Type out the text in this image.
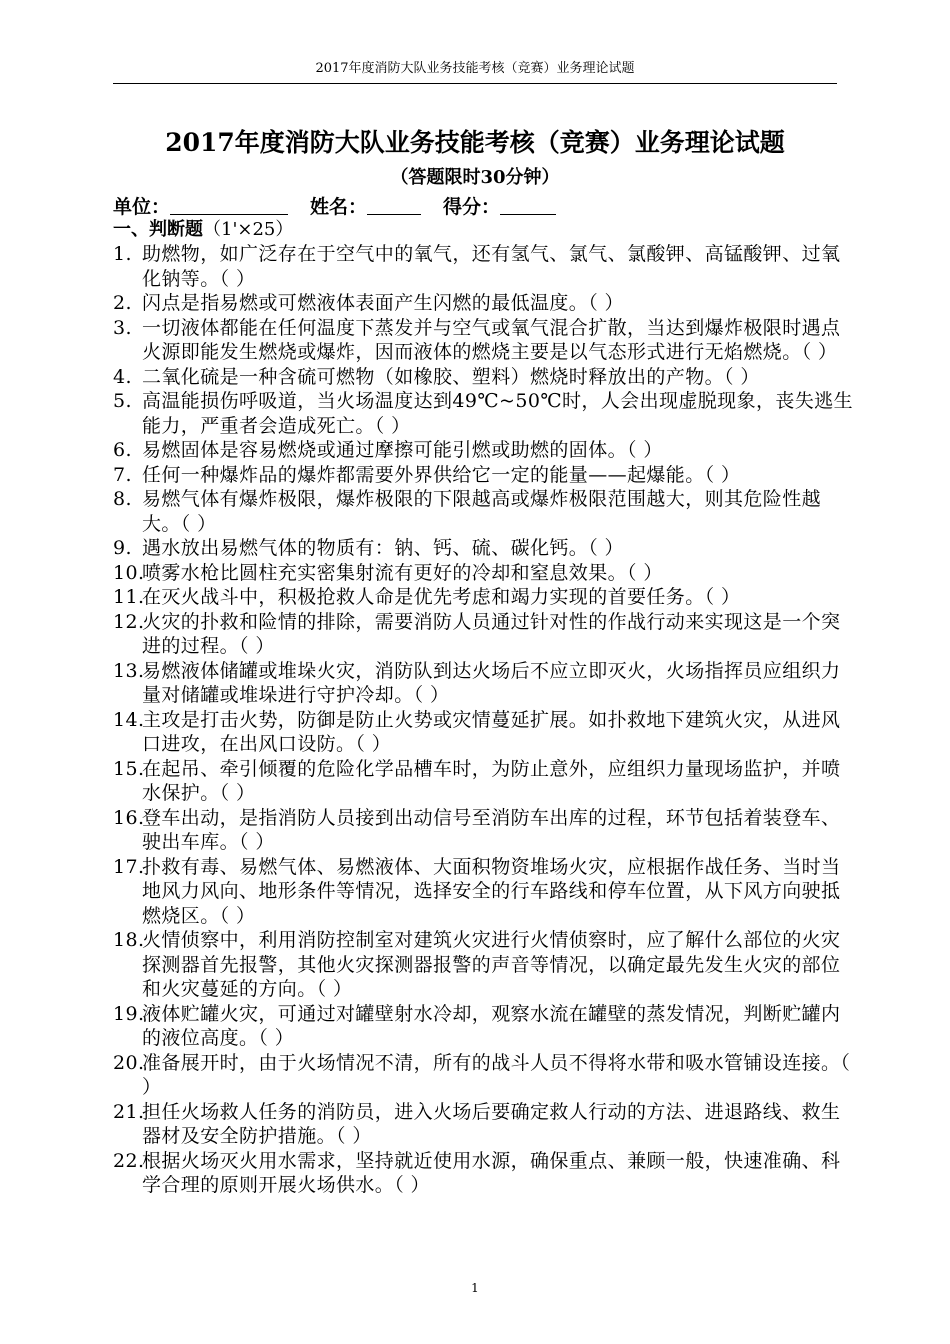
2017年度消防大队业务技能考核（竞赛）业务理论试题
2017年度消防大队业务技能考核（竞赛）业务理论试题
（答题限时30分钟）
单位：	姓名：	得分：
一、判断题（1'×25）
1. 助燃物，如广泛存在于空气中的氧气，还有氢气、氯气、氯酸钾、高锰酸钾、过氧化钠等。（ ）
2. 闪点是指易燃或可燃液体表面产生闪燃的最低温度。（ ）
3. 一切液体都能在任何温度下蒸发并与空气或氧气混合扩散，当达到爆炸极限时遇点火源即能发生燃烧或爆炸，因而液体的燃烧主要是以气态形式进行无焰燃烧。（ ）
4. 二氧化硫是一种含硫可燃物（如橡胶、塑料）燃烧时释放出的产物。（ ）
5. 高温能损伤呼吸道，当火场温度达到49℃~50℃时，人会出现虚脱现象，丧失逃生能力，严重者会造成死亡。（ ）
6. 易燃固体是容易燃烧或通过摩擦可能引燃或助燃的固体。（ ）
7. 任何一种爆炸品的爆炸都需要外界供给它一定的能量——起爆能。（ ）
8. 易燃气体有爆炸极限，爆炸极限的下限越高或爆炸极限范围越大，则其危险性越大。（ ）
9. 遇水放出易燃气体的物质有：钠、钙、硫、碳化钙。（ ）
10.
喷雾水枪比圆柱充实密集射流有更好的冷却和窒息效果。（ ）
11.
在灭火战斗中，积极抢救人命是优先考虑和竭力实现的首要任务。（ ）
12.
火灾的扑救和险情的排除，需要消防人员通过针对性的作战行动来实现这是一个突进的过程。（ ）
13.
易燃液体储罐或堆垛火灾，消防队到达火场后不应立即灭火，火场指挥员应组织力量对储罐或堆垛进行守护冷却。（ ）
14.
主攻是打击火势，防御是防止火势或灾情蔓延扩展。如扑救地下建筑火灾，从进风口进攻，在出风口设防。（ ）
15.
在起吊、牵引倾覆的危险化学品槽车时，为防止意外，应组织力量现场监护，并喷水保护。（ ）
16.
登车出动，是指消防人员接到出动信号至消防车出库的过程，环节包括着装登车、驶出车库。（ ）
17.
扑救有毒、易燃气体、易燃液体、大面积物资堆场火灾，应根据作战任务、当时当地风力风向、地形条件等情况，选择安全的行车路线和停车位置，从下风方向驶抵燃烧区。（ ）
18.
火情侦察中，利用消防控制室对建筑火灾进行火情侦察时，应了解什么部位的火灾探测器首先报警，其他火灾探测器报警的声音等情况，以确定最先发生火灾的部位和火灾蔓延的方向。（ ）
19.
液体贮罐火灾，可通过对罐壁射水冷却，观察水流在罐壁的蒸发情况，判断贮罐内的液位高度。（ ）
20.
准备展开时，由于火场情况不清，所有的战斗人员不得将水带和吸水管铺设连接。（ ）
21.
担任火场救人任务的消防员，进入火场后要确定救人行动的方法、进退路线、救生器材及安全防护措施。（ ）
22.
根据火场灭火用水需求，坚持就近使用水源，确保重点、兼顾一般，快速准确、科学合理的原则开展火场供水。（ ）
1
